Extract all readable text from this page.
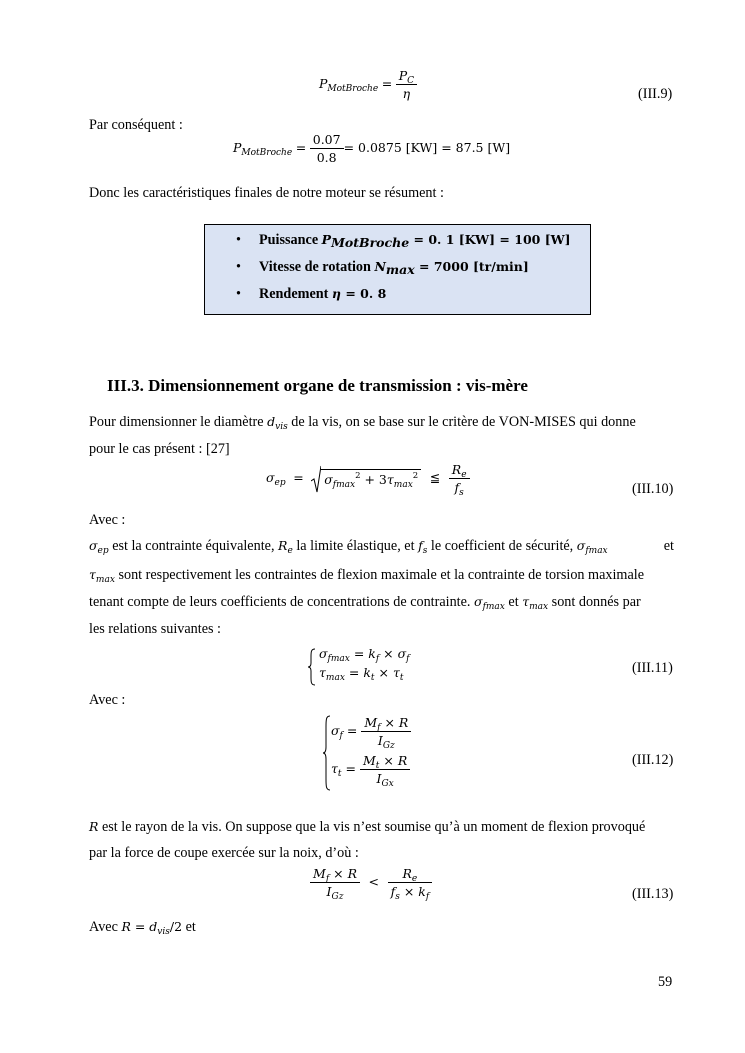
$P_{MotBroche} = \frac{P_C}{\eta}$	(III.9)
Par conséquent :
$P_{MotBroche} = \frac{0.07}{0.8} = 0.0875$ [KW] = 87.5 [W]
Donc les caractéristiques finales de notre moteur se résument :
• Puissance PMotBroche = 0. 1 [KW] = 100 [W]
• Vitesse de rotation Nmax = 7000 [tr/min]
• Rendement η = 0. 8
III.3. Dimensionnement organe de transmission : vis-mère
Pour dimensionner le diamètre $d_{vis}$ de la vis, on se base sur le critère de VON-MISES qui donne
pour le cas présent : [27]
$\sigma_{ep} = \sigma_{fmax}^2 + 3\tau_{max}^2$ ≦ $\frac{R_e}{f_s}$	(III.10)
Avec :
$\sigma_{ep}$ est la contrainte équivalente, $R_e$ la limite élastique, et $f_s$ le coefficient de sécurité, $\sigma_{fmax}$	et
$\tau_{max}$ sont respectivement les contraintes de flexion maximale et la contrainte de torsion maximale
tenant compte de leurs coefficients de concentrations de contrainte. $\sigma_{fmax}$ et $\tau_{max}$ sont donnés par
les relations suivantes :
$\sigma_{fmax} = k_f \times \sigma_f$
$\tau_{max} = k_t \times \tau_t$
(III.11)
Avec :
$\sigma_f = \frac{M_f \times R}{I_{Gz}}$
$\tau_t = \frac{M_t \times R}{I_{Gx}}$	(III.12)
R est le rayon de la vis. On suppose que la vis n’est soumise qu’à un moment de flexion provoqué
par la force de coupe exercée sur la noix, d’où :
$\frac{M_f \times R}{I_{Gz}} < \frac{R_e}{f_s \times k_f}$	(III.13)
Avec $R = d_{vis}/2$ et
59
